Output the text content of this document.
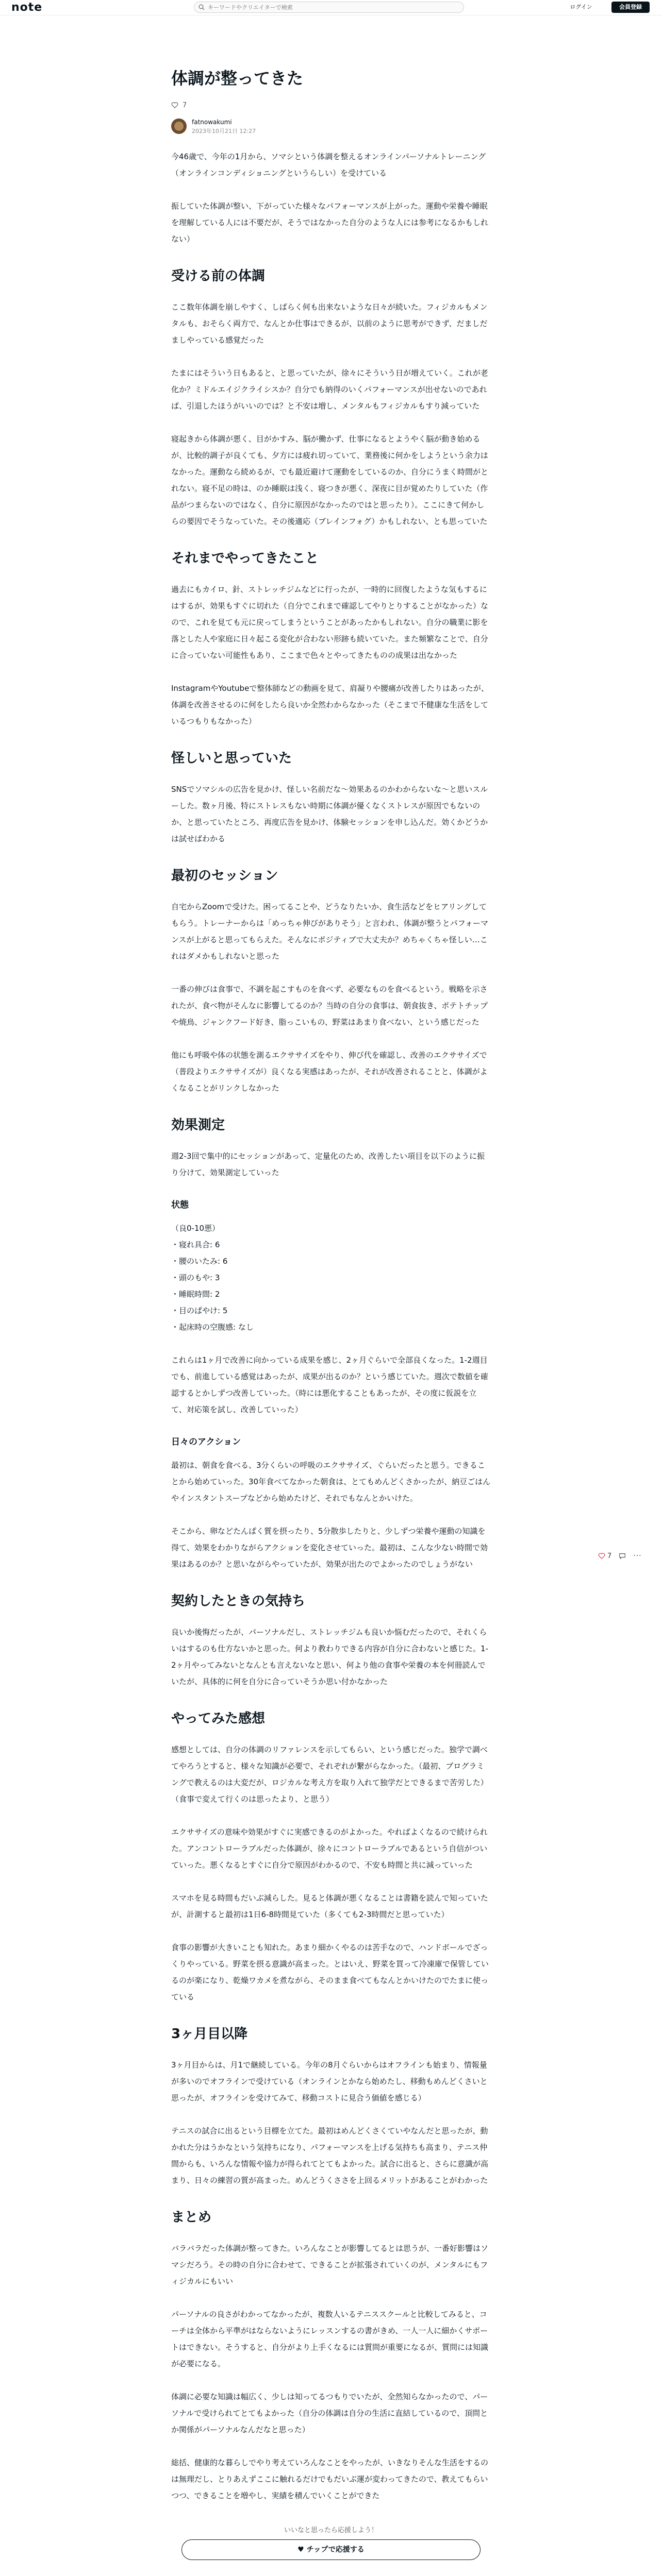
note
キーワードやクリエイターで検索	ログイン	会員登録
体調が整ってきた
7
fatnowakumi
2023年10月21日 12:27

今46歳で、今年の1月から、ソマシという体調を整えるオンラインパーソナルトレーニング（オンラインコンディショニングというらしい）を受けている

振していた体調が整い、下がっていた様々なパフォーマンスが上がった。運動や栄養や睡眠を理解している人には不要だが、そうではなかった自分のような人には参考になるかもしれない）

受ける前の体調

ここ数年体調を崩しやすく、しばらく何も出来ないような日々が続いた。フィジカルもメンタルも、おそらく両方で、なんとか仕事はできるが、以前のように思考ができず、だましだましやっている感覚だった

たまにはそういう日もあると、と思っていたが、徐々にそういう日が増えていく。これが老化か？ミドルエイジクライシスか？自分でも納得のいくパフォーマンスが出せないのであれば、引退したほうがいいのでは？と不安は増し、メンタルもフィジカルもすり減っていた

寝起きから体調が悪く、目がかすみ、脳が働かず、仕事になるとようやく脳が動き始めるが、比較的調子が良くても、夕方には疲れ切っていて、業務後に何かをしようという余力はなかった。運動なら続めるが、でも最近避けて運動をしているのか、自分にうまく時間がとれない。寝不足の時は、のか睡眠は浅く、寝つきが悪く、深夜に目が覚めたりしていた（作品がつまらないのではなく、自分に原因がなかったのではと思ったり）。ここにきて何かしらの要因でそうなっていた。その後適応（ブレインフォグ）かもしれない、とも思っていた

それまでやってきたこと

過去にもカイロ、針、ストレッチジムなどに行ったが、一時的に回復したような気もするにはするが、効果もすぐに切れた（自分でこれまで確認してやりとりすることがなかった）なので、これを見ても元に戻ってしまうということがあったかもしれない。自分の職業に影を落とした人や家庭に日々起こる変化が合わない形跡も続いていた。また頻繁なことで、自分に合っていない可能性もあり、ここまで色々とやってきたものの成果は出なかった

InstagramやYoutubeで整体師などの動画を見て、肩凝りや腰痛が改善したりはあったが、体調を改善させるのに何をしたら良いか全然わからなかった（そこまで不健康な生活をしているつもりもなかった）

怪しいと思っていた

SNSでソマシルの広告を見かけ、怪しい名前だな〜効果あるのかわからないな〜と思いスルーした。数ヶ月後、特にストレスもない時期に体調が優くなくストレスが原因でもないのか、と思っていたところ、再度広告を見かけ、体験セッションを申し込んだ。効くかどうかは試せばわかる

最初のセッション

自宅からZoomで受けた。困ってることや、どうなりたいか、食生活などをヒアリングしてもらう。トレーナーからは「めっちゃ伸びがありそう」と言われ、体調が整うとパフォーマンスが上がると思ってもらえた。そんなにポジティブで大丈夫か？めちゃくちゃ怪しい…これはダメかもしれないと思った

一番の伸びは食事で、不調を起こすものを食べず、必要なものを食べるという。戦略を示されたが、食べ物がそんなに影響してるのか？当時の自分の食事は、朝食抜き、ポテトチップや焼鳥、ジャンクフード好き、脂っこいもの、野菜はあまり食べない、という感じだった

他にも呼吸や体の状態を測るエクササイズをやり、伸び代を確認し、改善のエクササイズで（普段よりエクササイズが）良くなる実感はあったが、それが改善されることと、体調がよくなることがリンクしなかった

効果測定

週2-3回で集中的にセッションがあって、定量化のため、改善したい項目を以下のように振り分けて、効果測定していった

状態
（良0-10悪）
・寝れ具合: 6
・腰のいたみ: 6
・頭のもや: 3
・睡眠時間: 2
・目のぱやけ: 5
・起床時の空腹感: なし

これらは1ヶ月で改善に向かっている成果を感じ、2ヶ月ぐらいで全部良くなった。1-2週目でも、前進している感覚はあったが、成果が出るのか？という感じていた。週次で数値を確認するとかしずつ改善していった。（時には悪化することもあったが、その度に仮説を立て、対応策を試し、改善していった）

日々のアクション

最初は、朝食を食べる、3分くらいの呼吸のエクササイズ、ぐらいだったと思う。できることから始めていった。30年食べてなかった朝食は、とてもめんどくさかったが、納豆ごはんやインスタントスープなどから始めたけど、それでもなんとかいけた。

そこから、卵などたんぱく質を摂ったり、5分散歩したりと、少しずつ栄養や運動の知識を得て、効果をわかりながらアクションを変化させていった。最初は、こんな少ない時間で効果はあるのか？と思いながらやっていたが、効果が出たのでよかったのでしょうがない

契約したときの気持ち

良いか後悔だったが、パーソナルだし、ストレッチジムも良いか悩むだったので、それくらいはするのも仕方ないかと思った。何より教わりできる内容が自分に合わないと感じた。1-2ヶ月やってみないとなんとも言えないなと思い、何より他の食事や栄養の本を何冊読んでいたが、具体的に何を自分に合っていそうか思い付かなかった

やってみた感想

感想としては、自分の体調のリファレンスを示してもらい、という感じだった。独学で調べてやろうとすると、様々な知識が必要で、それぞれが繋がらなかった。（最初、プログラミングで教えるのは大変だが、ロジカルな考え方を取り入れて独学だとできるまで苦労した）（食事で変えて行くのは思ったより、と思う）

エクササイズの意味や効果がすぐに実感できるのがよかった。やればよくなるので続けられた。アンコントローラブルだった体調が、徐々にコントローラブルであるという自信がついていった。悪くなるとすぐに自分で原因がわかるので、不安も時間と共に減っていった

スマホを見る時間もだいぶ減らした。見ると体調が悪くなることは書籍を読んで知っていたが、計測すると最初は1日6-8時間見ていた（多くても2-3時間だと思っていた）

食事の影響が大きいことも知れた。あまり細かくやるのは苦手なので、ハンドボールでざっくりやっている。野菜を摂る意識が高まった。とはいえ、野菜を買って冷凍庫で保管しているのが楽になり、乾燥ワカメを煮ながら、そのまま食べてもなんとかいけたのでたまに使っている

3ヶ月目以降

3ヶ月目からは、月1で継続している。今年の8月ぐらいからはオフラインも始まり、情報量が多いのでオフラインで受けている（オンラインとかなら始めたし、移動もめんどくさいと思ったが、オフラインを受けてみて、移動コストに見合う価値を感じる）

テニスの試合に出るという目標を立てた。最初はめんどくさくていやなんだと思ったが、動かれた分はうかなという気持ちになり、パフォーマンスを上げる気持ちも高まり、テニス仲間からも、いろんな情報や協力が得られてとてもよかった。試合に出ると、さらに意識が高まり、日々の練習の質が高まった。めんどうくささを上回るメリットがあることがわかった

まとめ

バラバラだった体調が整ってきた。いろんなことが影響してるとは思うが、一番好影響はソマシだろう。その時の自分に合わせて、できることが拡張されていくのが、メンタルにもフィジカルにもいい

パーソナルの良さがわかってなかったが、複数人いるテニススクールと比較してみると、コーチは全体から平準がはならないようにレッスンするの書がきめ、一人一人に細かくサポートはできない。そうすると、自分がより上手くなるには質問が重要になるが、質問には知識が必要になる。

体調に必要な知識は幅広く、少しは知ってるつもりでいたが、全然知らなかったので、パーソナルで受けられてとてもよかった（自分の体調は自分の生活に直結しているので、頂問とか関係がパーソナルなんだなと思った）

総括、健康的な暮らしでやり考えていろんなことをやったが、いきなりそんな生活をするのは無理だし、とりあえずここに触れるだけでもだいぶ運が変わってきたので、教えてもらいつつ、できることを増やし、実績を積んでいくことができた

いいなと思ったら応援しよう！
♥ チップで応援する
7	···
